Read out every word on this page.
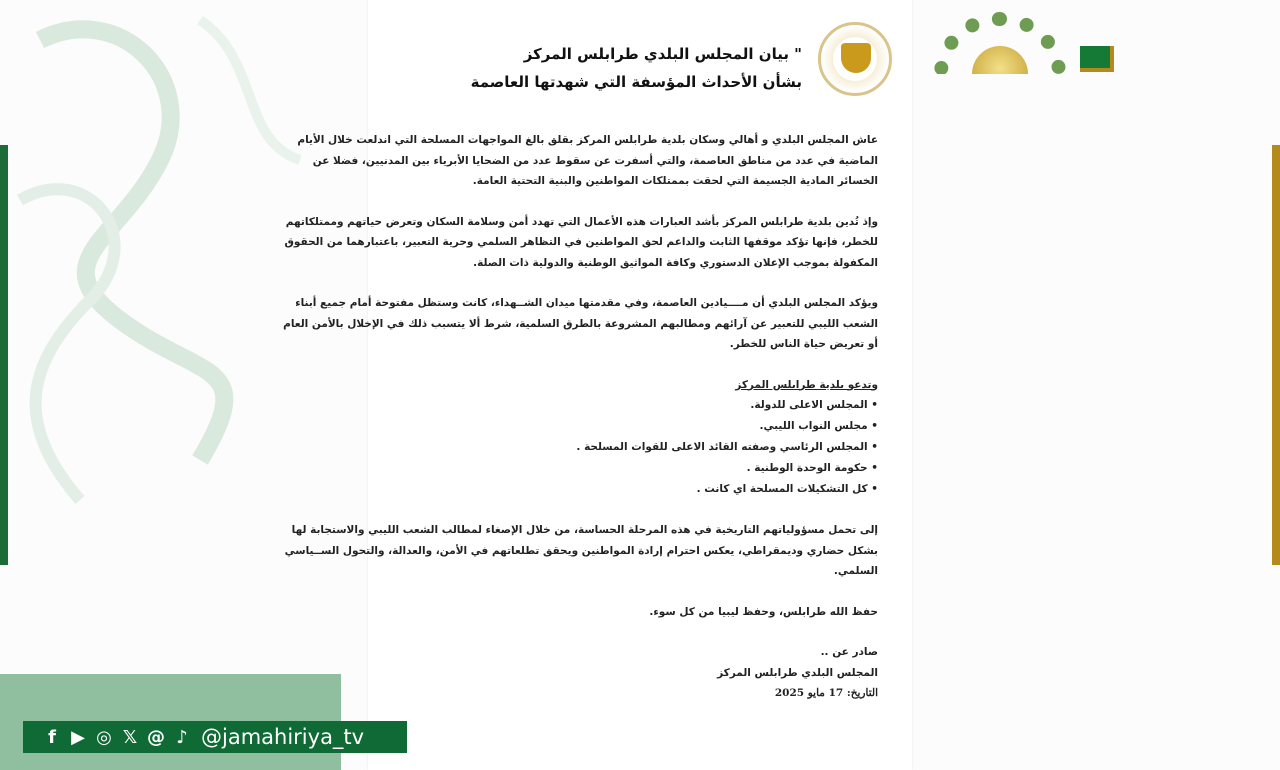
" بيان المجلس البلدي طرابلس المركز
بشأن الأحداث المؤسفة التي شهدتها العاصمة

عاش المجلس البلدي و أهالي وسكان بلدية طرابلس المركز بقلق بالغ المواجهات المسلحة التي اندلعت خلال الأيام
الماضية في عدد من مناطق العاصمة، والتي أسفرت عن سقوط عدد من الضحايا الأبرياء بين المدنيين، فضلا عن
الخسائر المادية الجسيمة التي لحقت بممتلكات المواطنين والبنية التحتية العامة.

وإذ تُدين بلدية طرابلس المركز بأشد العبارات هذه الأعمال التي تهدد أمن وسلامة السكان وتعرض حياتهم وممتلكاتهم
للخطر، فإنها تؤكد موقفها الثابت والداعم لحق المواطنين في التظاهر السلمي وحرية التعبير، باعتبارهما من الحقوق
المكفولة بموجب الإعلان الدستوري وكافة المواثيق الوطنية والدولية ذات الصلة.

ويؤكد المجلس البلدي أن مــــيادين العاصمة، وفي مقدمتها ميدان الشــهداء، كانت وستظل مفتوحة أمام جميع أبناء
الشعب الليبي للتعبير عن آرائهم ومطالبهم المشروعة بالطرق السلمية، شرط ألا يتسبب ذلك في الإخلال بالأمن العام
أو تعريض حياة الناس للخطر.

وتدعو بلدية طرابلس المركز
• المجلس الاعلى للدولة.
• مجلس النواب الليبي.
• المجلس الرئاسي وصفته القائد الاعلى للقوات المسلحة .
• حكومة الوحدة الوطنية .
• كل التشكيلات المسلحة اي كانت .

إلى تحمل مسؤولياتهم التاريخية في هذه المرحلة الحساسة، من خلال الإصغاء لمطالب الشعب الليبي والاستجابة لها
بشكل حضاري وديمقراطي، يعكس احترام إرادة المواطنين ويحقق تطلعاتهم في الأمن، والعدالة، والتحول الســياسي
السلمي.

حفظ الله طرابلس، وحفظ ليبيا من كل سوء.

صادر عن ..
المجلس البلدي طرابلس المركز
التاريخ: 17 مايو 2025
f ▶ ◎ 𝕏 @ ♪ @jamahiriya_tv
